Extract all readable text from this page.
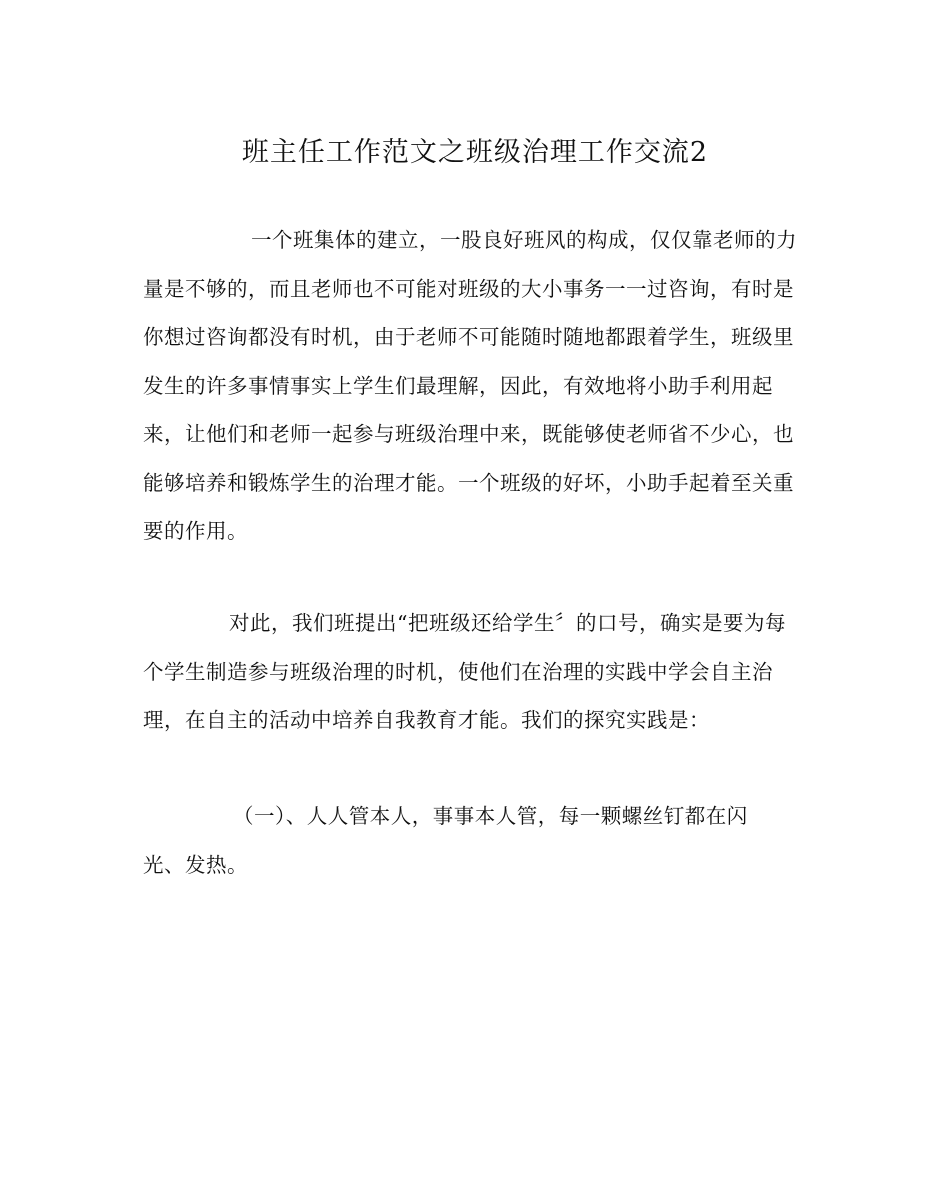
班主任工作范文之班级治理工作交流2

一个班集体的建立，一股良好班风的构成，仅仅靠老师的力量是不够的，而且老师也不可能对班级的大小事务一一过咨询，有时是你想过咨询都没有时机，由于老师不可能随时随地都跟着学生，班级里发生的许多事情事实上学生们最理解，因此，有效地将小助手利用起来，让他们和老师一起参与班级治理中来，既能够使老师省不少心，也能够培养和锻炼学生的治理才能。一个班级的好坏，小助手起着至关重要的作用。

对此，我们班提出“把班级还给学生〞的口号，确实是要为每个学生制造参与班级治理的时机，使他们在治理的实践中学会自主治理，在自主的活动中培养自我教育才能。我们的探究实践是：

（一）、人人管本人，事事本人管，每一颗螺丝钉都在闪光、发热。
